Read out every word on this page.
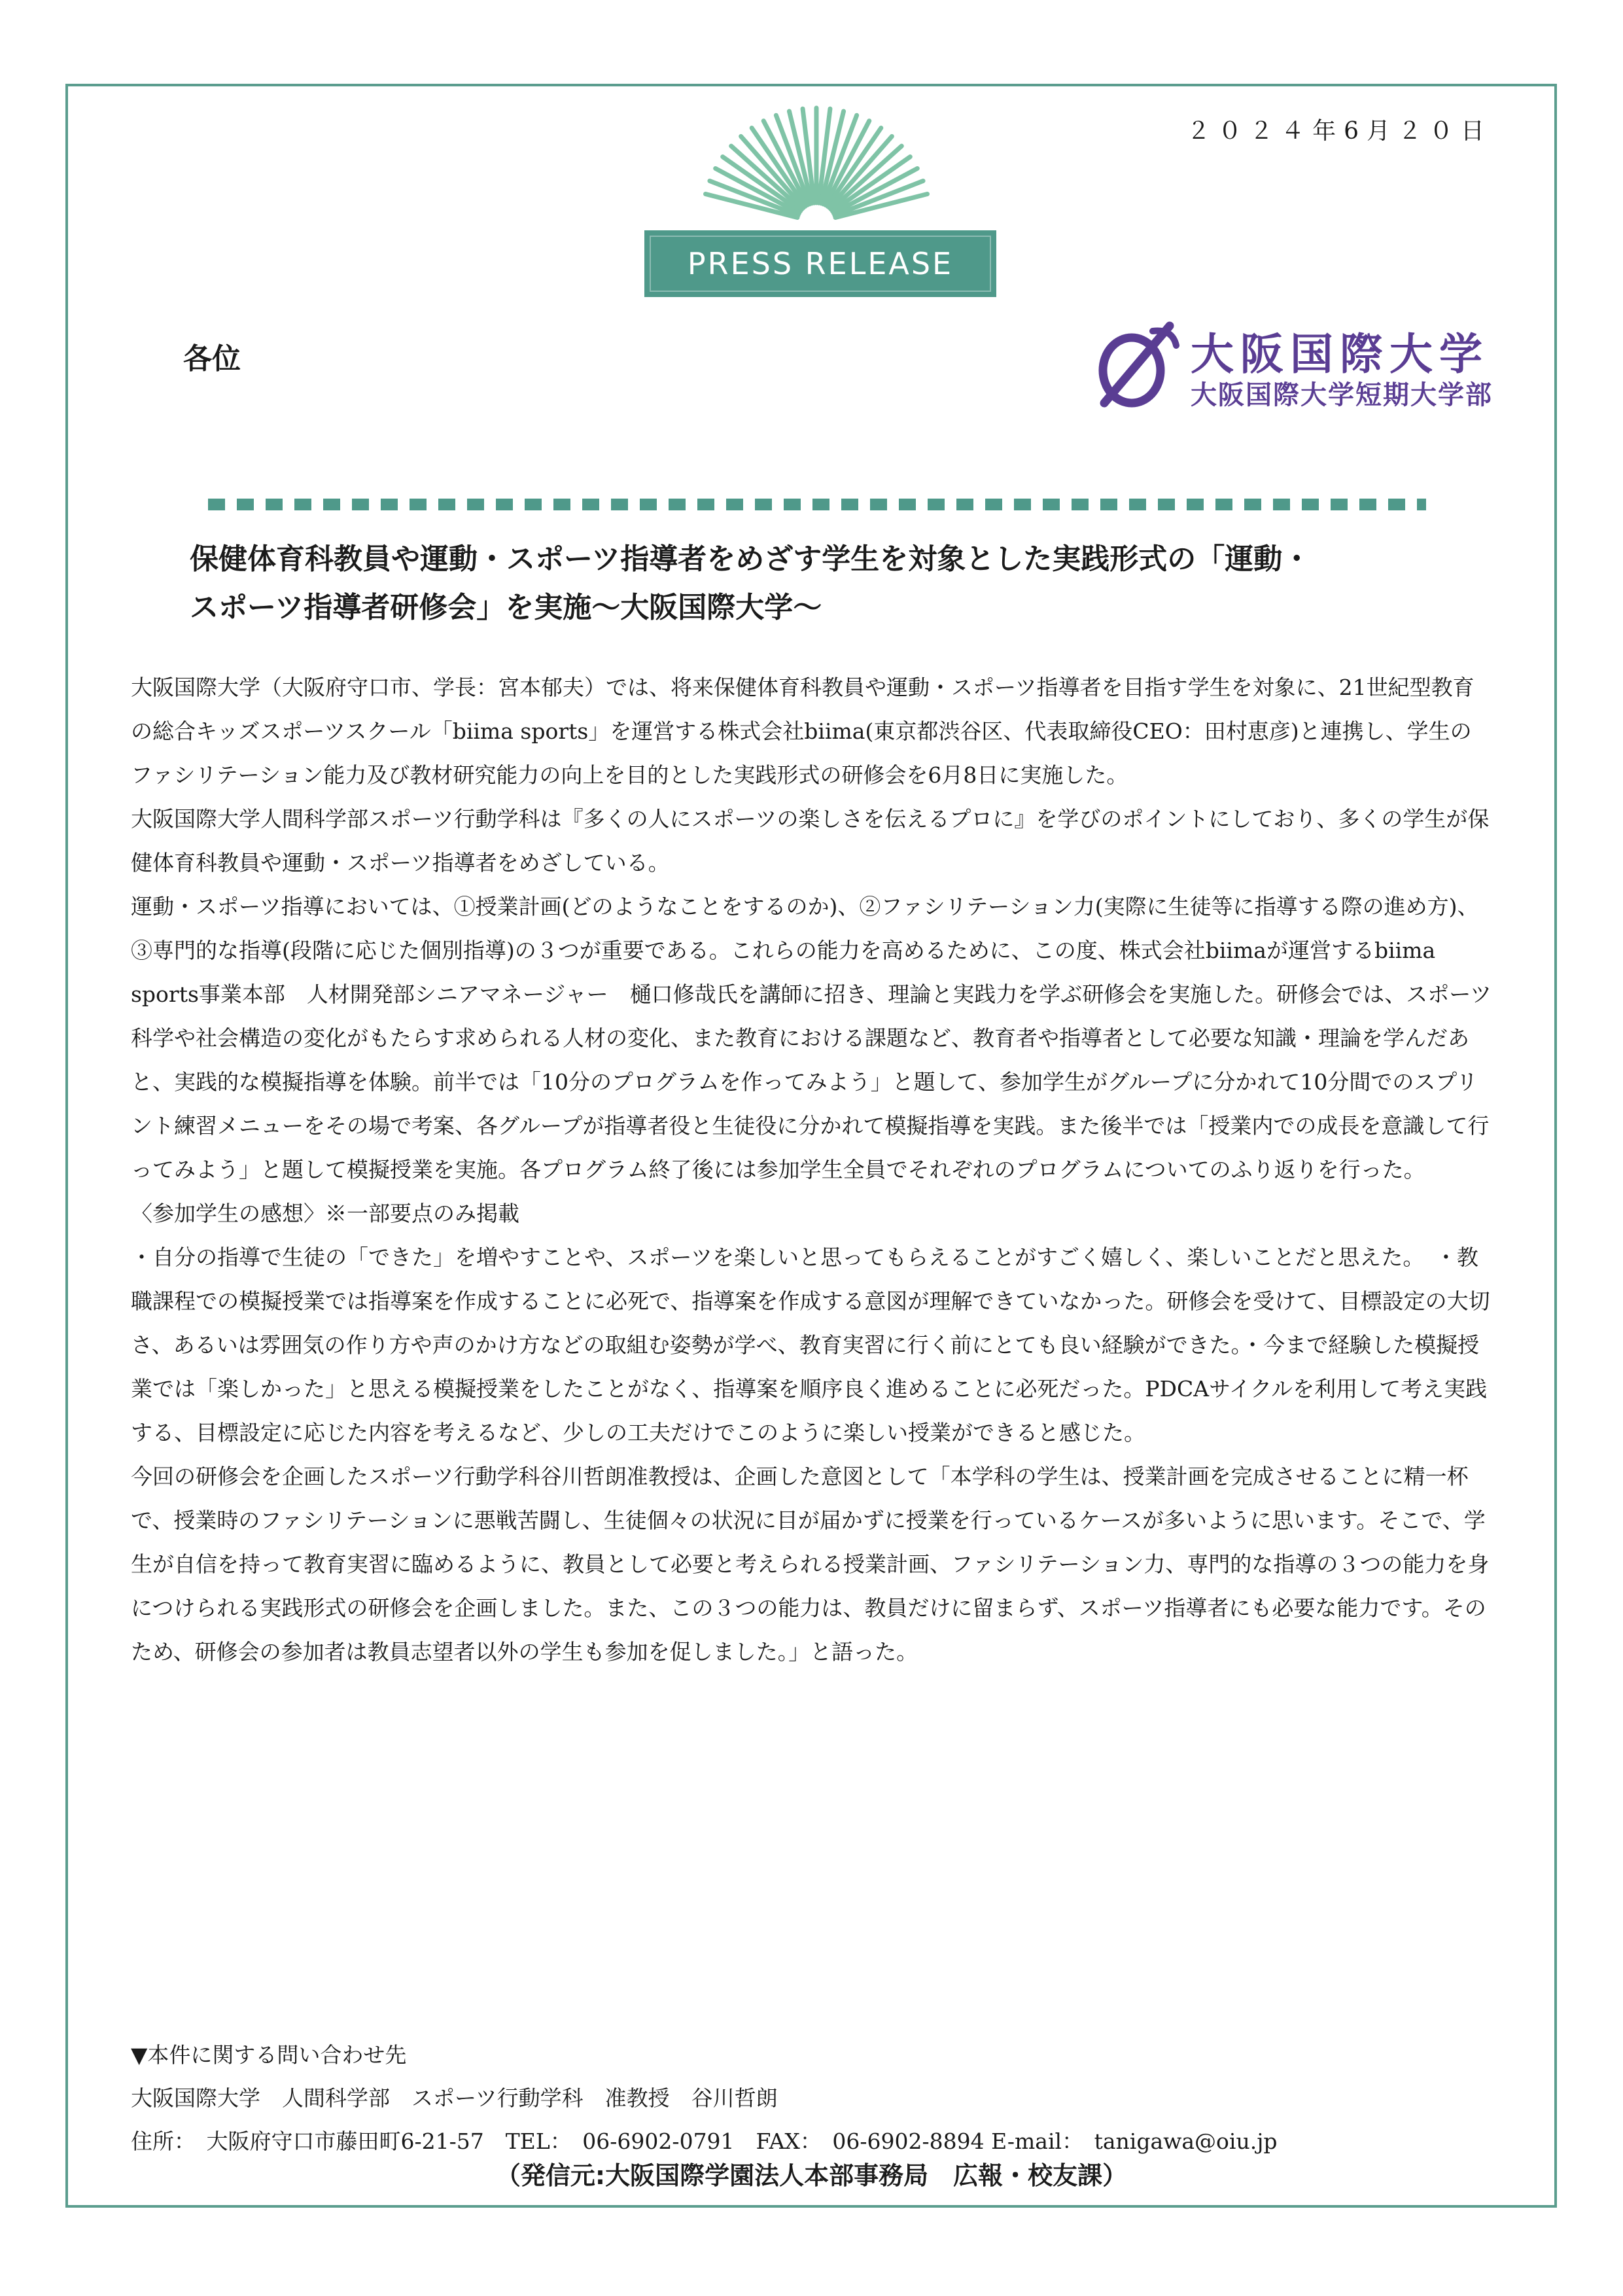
２０２４年6月２０日
PRESS RELEASE
各位	大阪国際大学
大阪国際大学短期大学部
保健体育科教員や運動・スポーツ指導者をめざす学生を対象とした実践形式の「運動・
スポーツ指導者研修会」を実施〜大阪国際大学〜

大阪国際大学（大阪府守口市、学長：宮本郁夫）では、将来保健体育科教員や運動・スポーツ指導者を目指す学生を対象に、21世紀型教育の総合キッズスポーツスクール「biima sports」を運営する株式会社biima(東京都渋谷区、代表取締役CEO：田村恵彦)と連携し、学生のファシリテーション能力及び教材研究能力の向上を目的とした実践形式の研修会を6月8日に実施した。

大阪国際大学人間科学部スポーツ行動学科は『多くの人にスポーツの楽しさを伝えるプロに』を学びのポイントにしており、多くの学生が保健体育科教員や運動・スポーツ指導者をめざしている。

運動・スポーツ指導においては、①授業計画(どのようなことをするのか)、②ファシリテーション力(実際に生徒等に指導する際の進め方)、③専門的な指導(段階に応じた個別指導)の３つが重要である。これらの能力を高めるために、この度、株式会社biimaが運営するbiima　sports事業本部　人材開発部シニアマネージャー　樋口修哉氏を講師に招き、理論と実践力を学ぶ研修会を実施した。研修会では、スポーツ科学や社会構造の変化がもたらす求められる人材の変化、また教育における課題など、教育者や指導者として必要な知識・理論を学んだあと、実践的な模擬指導を体験。前半では「10分のプログラムを作ってみよう」と題して、参加学生がグループに分かれて10分間でのスプリント練習メニューをその場で考案、各グループが指導者役と生徒役に分かれて模擬指導を実践。また後半では「授業内での成長を意識して行ってみよう」と題して模擬授業を実施。各プログラム終了後には参加学生全員でそれぞれのプログラムについてのふり返りを行った。

〈参加学生の感想〉※一部要点のみ掲載

・自分の指導で生徒の「できた」を増やすことや、スポーツを楽しいと思ってもらえることがすごく嬉しく、楽しいことだと思えた。　・教職課程での模擬授業では指導案を作成することに必死で、指導案を作成する意図が理解できていなかった。研修会を受けて、目標設定の大切さ、あるいは雰囲気の作り方や声のかけ方などの取組む姿勢が学べ、教育実習に行く前にとても良い経験ができた。・今まで経験した模擬授業では「楽しかった」と思える模擬授業をしたことがなく、指導案を順序良く進めることに必死だった。PDCAサイクルを利用して考え実践する、目標設定に応じた内容を考えるなど、少しの工夫だけでこのように楽しい授業ができると感じた。

今回の研修会を企画したスポーツ行動学科谷川哲朗准教授は、企画した意図として「本学科の学生は、授業計画を完成させることに精一杯で、授業時のファシリテーションに悪戦苦闘し、生徒個々の状況に目が届かずに授業を行っているケースが多いように思います。そこで、学生が自信を持って教育実習に臨めるように、教員として必要と考えられる授業計画、ファシリテーション力、専門的な指導の３つの能力を身につけられる実践形式の研修会を企画しました。また、この３つの能力は、教員だけに留まらず、スポーツ指導者にも必要な能力です。そのため、研修会の参加者は教員志望者以外の学生も参加を促しました。」と語った。

▼本件に関する問い合わせ先

大阪国際大学　人間科学部　スポーツ行動学科　准教授　谷川哲朗

住所：　大阪府守口市藤田町6-21-57　TEL：　06-6902-0791　FAX：　06-6902-8894 E-mail：　tanigawa@oiu.jp

（発信元:大阪国際学園法人本部事務局　広報・校友課）
